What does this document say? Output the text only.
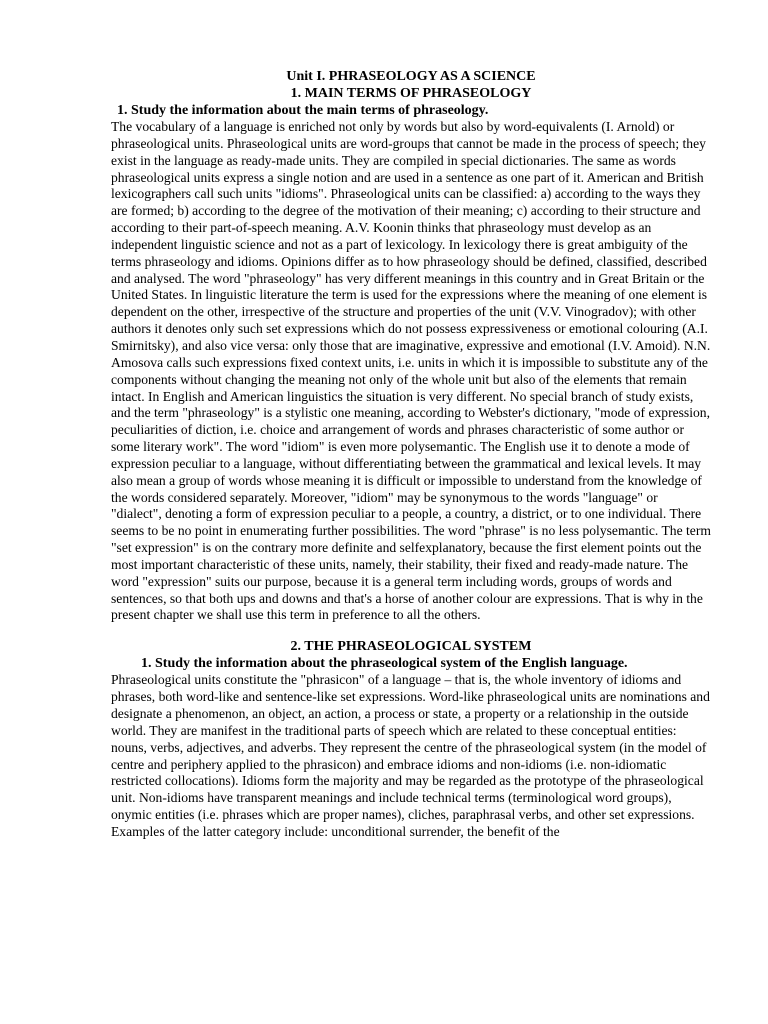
Unit I. PHRASEOLOGY AS A SCIENCE

1. MAIN TERMS OF PHRASEOLOGY

1. Study the information about the main terms of phraseology.

The vocabulary of a language is enriched not only by words but also by word-equivalents (I. Arnold) or phraseological units. Phraseological units are word-groups that cannot be made in the process of speech; they exist in the language as ready-made units. They are compiled in special dictionaries. The same as words phraseological units express a single notion and are used in a sentence as one part of it. American and British lexicographers call such units "idioms". Phraseological units can be classified: a) according to the ways they are formed; b) according to the degree of the motivation of their meaning; c) according to their structure and according to their part-of-speech meaning. A.V. Koonin thinks that phraseology must develop as an independent linguistic science and not as a part of lexicology. In lexicology there is great ambiguity of the terms phraseology and idioms. Opinions differ as to how phraseology should be defined, classified, described and analysed. The word "phraseology" has very different meanings in this country and in Great Britain or the United States. In linguistic literature the term is used for the expressions where the meaning of one element is dependent on the other, irrespective of the structure and properties of the unit (V.V. Vinogradov); with other authors it denotes only such set expressions which do not possess expressiveness or emotional colouring (A.I. Smirnitsky), and also vice versa: only those that are imaginative, expressive and emotional (I.V. Amoid). N.N. Amosova calls such expressions fixed context units, i.e. units in which it is impossible to substitute any of the components without changing the meaning not only of the whole unit but also of the elements that remain intact. In English and American linguistics the situation is very different. No special branch of study exists, and the term "phraseology" is a stylistic one meaning, according to Webster's dictionary, "mode of expression, peculiarities of diction, i.e. choice and arrangement of words and phrases characteristic of some author or some literary work". The word "idiom" is even more polysemantic. The English use it to denote a mode of expression peculiar to a language, without differentiating between the grammatical and lexical levels. It may also mean a group of words whose meaning it is difficult or impossible to understand from the knowledge of the words considered separately. Moreover, "idiom" may be synonymous to the words "language" or "dialect", denoting a form of expression peculiar to a people, a country, a district, or to one individual. There seems to be no point in enumerating further possibilities. The word "phrase" is no less polysemantic. The term "set expression" is on the contrary more definite and selfexplanatory, because the first element points out the most important characteristic of these units, namely, their stability, their fixed and ready-made nature. The word "expression" suits our purpose, because it is a general term including words, groups of words and sentences, so that both ups and downs and that's a horse of another colour are expressions. That is why in the present chapter we shall use this term in preference to all the others.

2. THE PHRASEOLOGICAL SYSTEM

1. Study the information about the phraseological system of the English language.

Phraseological units constitute the "phrasicon" of a language – that is, the whole inventory of idioms and phrases, both word-like and sentence-like set expressions. Word-like phraseological units are nominations and designate a phenomenon, an object, an action, a process or state, a property or a relationship in the outside world. They are manifest in the traditional parts of speech which are related to these conceptual entities: nouns, verbs, adjectives, and adverbs. They represent the centre of the phraseological system (in the model of centre and periphery applied to the phrasicon) and embrace idioms and non-idioms (i.e. non-idiomatic restricted collocations). Idioms form the majority and may be regarded as the prototype of the phraseological unit. Non-idioms have transparent meanings and include technical terms (terminological word groups), onymic entities (i.e. phrases which are proper names), cliches, paraphrasal verbs, and other set expressions. Examples of the latter category include: unconditional surrender, the benefit of the
